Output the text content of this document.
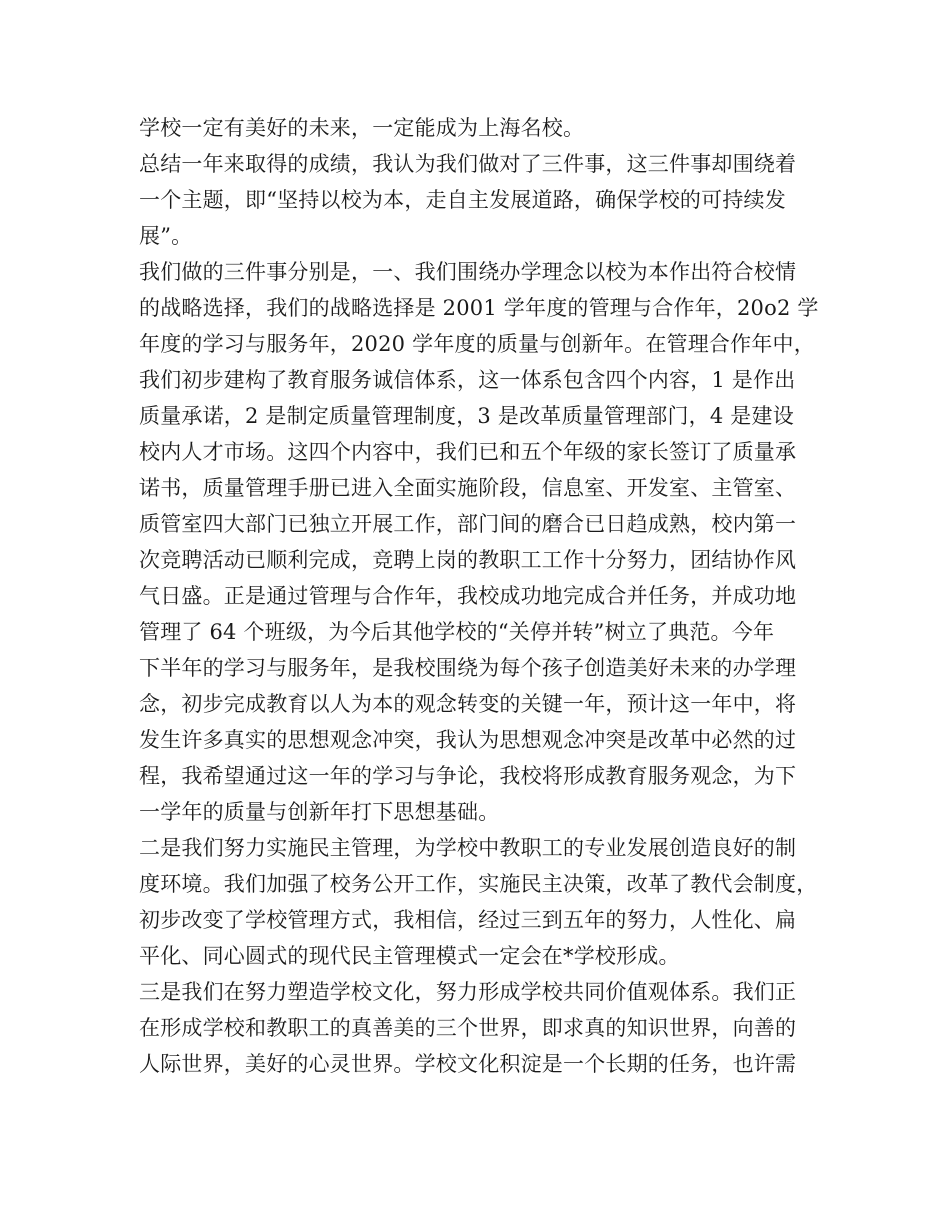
学校一定有美好的未来，一定能成为上海名校。
总结一年来取得的成绩，我认为我们做对了三件事，这三件事却围绕着
一个主题，即“坚持以校为本，走自主发展道路，确保学校的可持续发
展”。
我们做的三件事分别是，一、我们围绕办学理念以校为本作出符合校情
的战略选择，我们的战略选择是 2001 学年度的管理与合作年，20o2 学
年度的学习与服务年，2020 学年度的质量与创新年。在管理合作年中，
我们初步建构了教育服务诚信体系，这一体系包含四个内容，1 是作出
质量承诺，2 是制定质量管理制度，3 是改革质量管理部门，4 是建设
校内人才市场。这四个内容中，我们已和五个年级的家长签订了质量承
诺书，质量管理手册已进入全面实施阶段，信息室、开发室、主管室、
质管室四大部门已独立开展工作，部门间的磨合已日趋成熟，校内第一
次竞聘活动已顺利完成，竞聘上岗的教职工工作十分努力，团结协作风
气日盛。正是通过管理与合作年，我校成功地完成合并任务，并成功地
管理了 64 个班级，为今后其他学校的“关停并转”树立了典范。今年
下半年的学习与服务年，是我校围绕为每个孩子创造美好未来的办学理
念，初步完成教育以人为本的观念转变的关键一年，预计这一年中，将
发生许多真实的思想观念冲突，我认为思想观念冲突是改革中必然的过
程，我希望通过这一年的学习与争论，我校将形成教育服务观念，为下
一学年的质量与创新年打下思想基础。
二是我们努力实施民主管理，为学校中教职工的专业发展创造良好的制
度环境。我们加强了校务公开工作，实施民主决策，改革了教代会制度，
初步改变了学校管理方式，我相信，经过三到五年的努力，人性化、扁
平化、同心圆式的现代民主管理模式一定会在*学校形成。
三是我们在努力塑造学校文化，努力形成学校共同价值观体系。我们正
在形成学校和教职工的真善美的三个世界，即求真的知识世界，向善的
人际世界，美好的心灵世界。学校文化积淀是一个长期的任务，也许需
